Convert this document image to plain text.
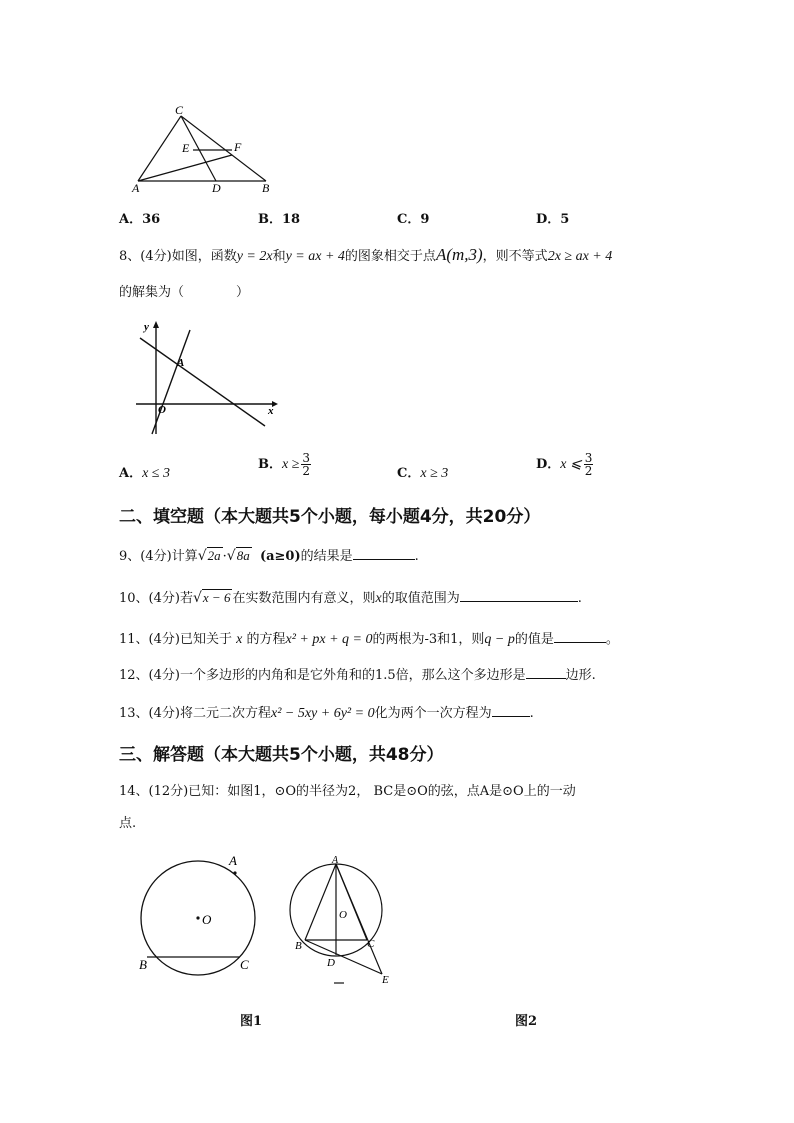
C
E	F
A	D	B
A．36	B．18	C．9	D．5
8、(4分)如图，函数y = 2x和y = ax + 4的图象相交于点A(m,3)，则不等式2x ≥ ax + 4
的解集为（　　　　）
y
A
O	x
A．x ≤ 3
B．$x \ge \frac{3}{2}$	C．x ≥ 3
D．x ⩽ $\frac{3}{2}$
二、填空题（本大题共5个小题，每小题4分，共20分）
9、(4分)计算√2a ·√8a (a≥0)的结果是	.
10、(4分)若√x − 6 在实数范围内有意义，则x的取值范围为	.
11、(4分)已知关于 x 的方程x² + px + q = 0的两根为-3和1，则q − p的值是	。
12、(4分)一个多边形的内角和是它外角和的1.5倍，那么这个多边形是	边形.
13、(4分)将二元二次方程x² − 5xy + 6y² = 0化为两个一次方程为	.
三、解答题（本大题共5个小题，共48分）
14、(12分)已知：如图1，⊙O的半径为2， BC是⊙O的弦，点A是⊙O上的一动
点.
A
O
B	C
A
O
B	C
D
E
图1	图2
